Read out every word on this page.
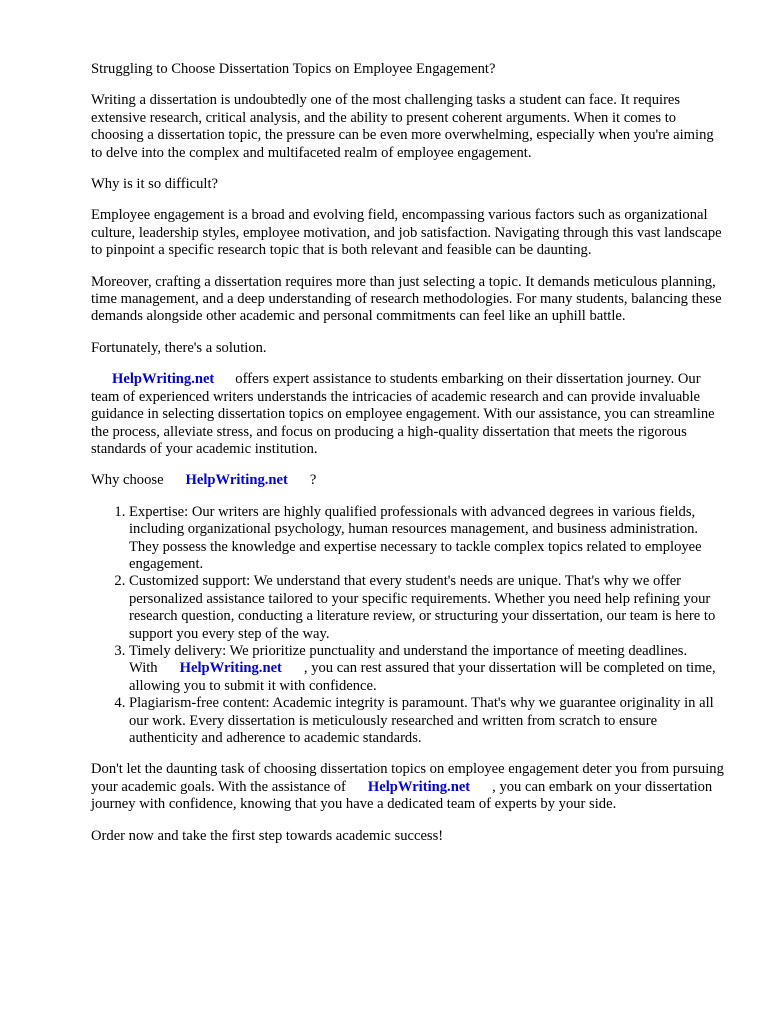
Struggling to Choose Dissertation Topics on Employee Engagement?

Writing a dissertation is undoubtedly one of the most challenging tasks a student can face. It requires extensive research, critical analysis, and the ability to present coherent arguments. When it comes to choosing a dissertation topic, the pressure can be even more overwhelming, especially when you're aiming to delve into the complex and multifaceted realm of employee engagement.

Why is it so difficult?

Employee engagement is a broad and evolving field, encompassing various factors such as organizational culture, leadership styles, employee motivation, and job satisfaction. Navigating through this vast landscape to pinpoint a specific research topic that is both relevant and feasible can be daunting.

Moreover, crafting a dissertation requires more than just selecting a topic. It demands meticulous planning, time management, and a deep understanding of research methodologies. For many students, balancing these demands alongside other academic and personal commitments can feel like an uphill battle.

Fortunately, there's a solution.

HelpWriting.net offers expert assistance to students embarking on their dissertation journey. Our team of experienced writers understands the intricacies of academic research and can provide invaluable guidance in selecting dissertation topics on employee engagement. With our assistance, you can streamline the process, alleviate stress, and focus on producing a high-quality dissertation that meets the rigorous standards of your academic institution.

Why choose HelpWriting.net ?

1. Expertise: Our writers are highly qualified professionals with advanced degrees in various fields, including organizational psychology, human resources management, and business administration. They possess the knowledge and expertise necessary to tackle complex topics related to employee engagement.
2. Customized support: We understand that every student's needs are unique. That's why we offer personalized assistance tailored to your specific requirements. Whether you need help refining your research question, conducting a literature review, or structuring your dissertation, our team is here to support you every step of the way.
3. Timely delivery: We prioritize punctuality and understand the importance of meeting deadlines. With HelpWriting.net , you can rest assured that your dissertation will be completed on time, allowing you to submit it with confidence.
4. Plagiarism-free content: Academic integrity is paramount. That's why we guarantee originality in all our work. Every dissertation is meticulously researched and written from scratch to ensure authenticity and adherence to academic standards.

Don't let the daunting task of choosing dissertation topics on employee engagement deter you from pursuing your academic goals. With the assistance of HelpWriting.net , you can embark on your dissertation journey with confidence, knowing that you have a dedicated team of experts by your side.

Order now and take the first step towards academic success!
